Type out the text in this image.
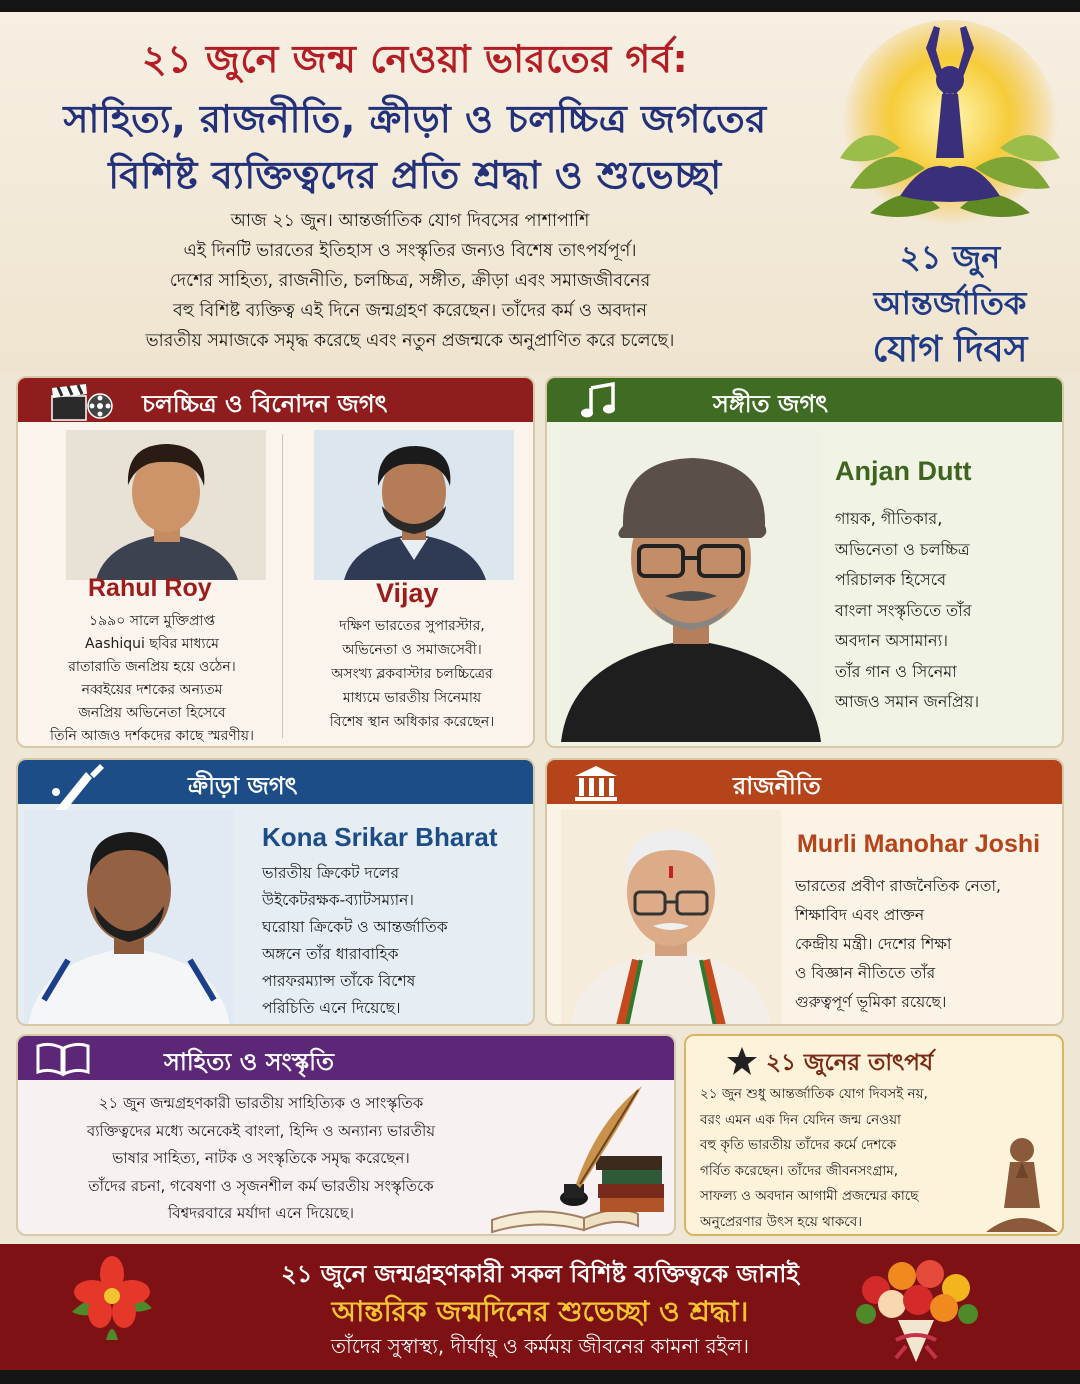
২১ জুনে জন্ম নেওয়া ভারতের গর্ব:
সাহিত্য, রাজনীতি, ক্রীড়া ও চলচ্চিত্র জগতের
বিশিষ্ট ব্যক্তিত্বদের প্রতি শ্রদ্ধা ও শুভেচ্ছা
আজ ২১ জুন। আন্তর্জাতিক যোগ দিবসের পাশাপাশি
এই দিনটি ভারতের ইতিহাস ও সংস্কৃতির জন্যও বিশেষ তাৎপর্যপূর্ণ।
দেশের সাহিত্য, রাজনীতি, চলচ্চিত্র, সঙ্গীত, ক্রীড়া এবং সমাজজীবনের
বহু বিশিষ্ট ব্যক্তিত্ব এই দিনে জন্মগ্রহণ করেছেন। তাঁদের কর্ম ও অবদান
ভারতীয় সমাজকে সমৃদ্ধ করেছে এবং নতুন প্রজন্মকে অনুপ্রাণিত করে চলেছে।
২১ জুন
আন্তর্জাতিক
যোগ দিবস
চলচ্চিত্র ও বিনোদন জগৎ
Rahul Roy
১৯৯০ সালে মুক্তিপ্রাপ্ত
Aashiqui ছবির মাধ্যমে
রাতারাতি জনপ্রিয় হয়ে ওঠেন।
নব্বইয়ের দশকের অন্যতম
জনপ্রিয় অভিনেতা হিসেবে
তিনি আজও দর্শকদের কাছে স্মরণীয়।
Vijay
দক্ষিণ ভারতের সুপারস্টার,
অভিনেতা ও সমাজসেবী।
অসংখ্য ব্লকবাস্টার চলচ্চিত্রের
মাধ্যমে ভারতীয় সিনেমায়
বিশেষ স্থান অধিকার করেছেন।
সঙ্গীত জগৎ
Anjan Dutt
গায়ক, গীতিকার,
অভিনেতা ও চলচ্চিত্র
পরিচালক হিসেবে
বাংলা সংস্কৃতিতে তাঁর
অবদান অসামান্য।
তাঁর গান ও সিনেমা
আজও সমান জনপ্রিয়।
ক্রীড়া জগৎ
Kona Srikar Bharat
ভারতীয় ক্রিকেট দলের
উইকেটরক্ষক-ব্যাটসম্যান।
ঘরোয়া ক্রিকেট ও আন্তর্জাতিক
অঙ্গনে তাঁর ধারাবাহিক
পারফরম্যান্স তাঁকে বিশেষ
পরিচিতি এনে দিয়েছে।
রাজনীতি
Murli Manohar Joshi
ভারতের প্রবীণ রাজনৈতিক নেতা,
শিক্ষাবিদ এবং প্রাক্তন
কেন্দ্রীয় মন্ত্রী। দেশের শিক্ষা
ও বিজ্ঞান নীতিতে তাঁর
গুরুত্বপূর্ণ ভূমিকা রয়েছে।
সাহিত্য ও সংস্কৃতি
২১ জুন জন্মগ্রহণকারী ভারতীয় সাহিত্যিক ও সাংস্কৃতিক
ব্যক্তিত্বদের মধ্যে অনেকেই বাংলা, হিন্দি ও অন্যান্য ভারতীয়
ভাষার সাহিত্য, নাটক ও সংস্কৃতিকে সমৃদ্ধ করেছেন।
তাঁদের রচনা, গবেষণা ও সৃজনশীল কর্ম ভারতীয় সংস্কৃতিকে
বিশ্বদরবারে মর্যাদা এনে দিয়েছে।
২১ জুনের তাৎপর্য
২১ জুন শুধু আন্তর্জাতিক যোগ দিবসই নয়,
বরং এমন এক দিন যেদিন জন্ম নেওয়া
বহু কৃতি ভারতীয় তাঁদের কর্মে দেশকে
গর্বিত করেছেন। তাঁদের জীবনসংগ্রাম,
সাফল্য ও অবদান আগামী প্রজন্মের কাছে
অনুপ্রেরণার উৎস হয়ে থাকবে।
২১ জুনে জন্মগ্রহণকারী সকল বিশিষ্ট ব্যক্তিত্বকে জানাই
আন্তরিক জন্মদিনের শুভেচ্ছা ও শ্রদ্ধা।
তাঁদের সুস্বাস্থ্য, দীর্ঘায়ু ও কর্মময় জীবনের কামনা রইল।
